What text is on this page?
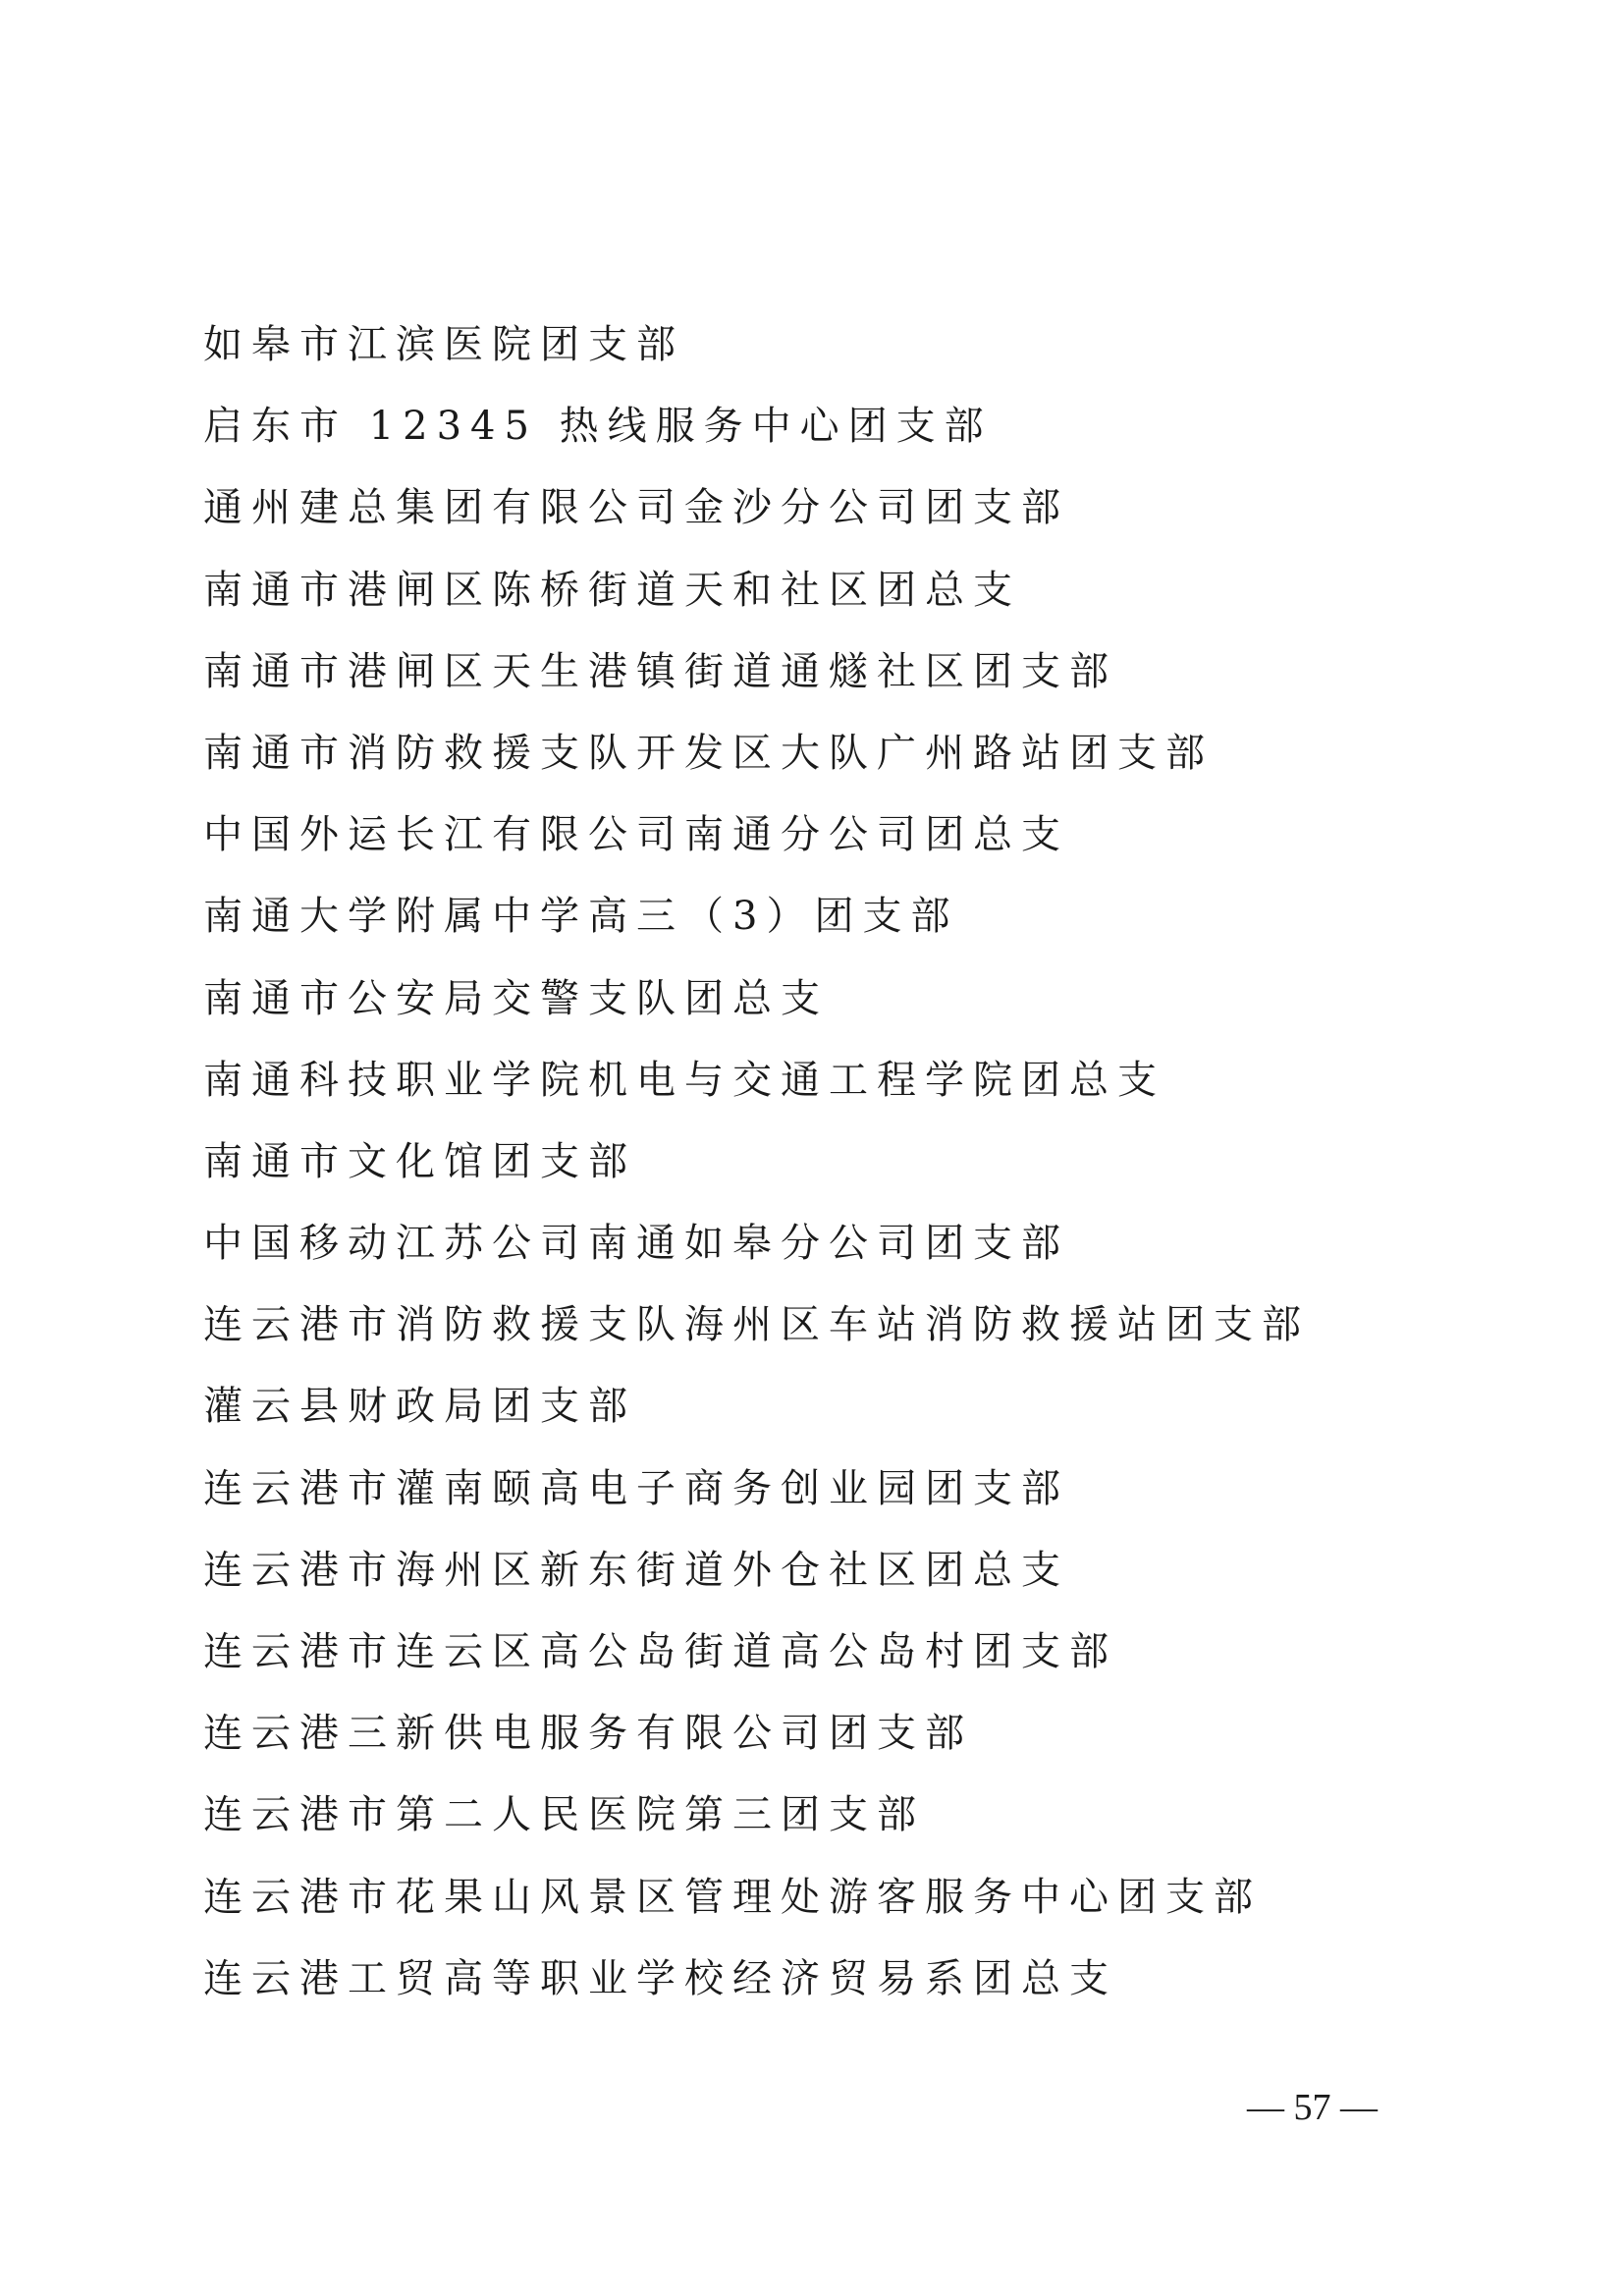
如皋市江滨医院团支部
启东市 12345 热线服务中心团支部
通州建总集团有限公司金沙分公司团支部
南通市港闸区陈桥街道天和社区团总支
南通市港闸区天生港镇街道通燧社区团支部
南通市消防救援支队开发区大队广州路站团支部
中国外运长江有限公司南通分公司团总支
南通大学附属中学高三（3）团支部
南通市公安局交警支队团总支
南通科技职业学院机电与交通工程学院团总支
南通市文化馆团支部
中国移动江苏公司南通如皋分公司团支部
连云港市消防救援支队海州区车站消防救援站团支部
灌云县财政局团支部
连云港市灌南颐高电子商务创业园团支部
连云港市海州区新东街道外仓社区团总支
连云港市连云区高公岛街道高公岛村团支部
连云港三新供电服务有限公司团支部
连云港市第二人民医院第三团支部
连云港市花果山风景区管理处游客服务中心团支部
连云港工贸高等职业学校经济贸易系团总支
— 57 —
